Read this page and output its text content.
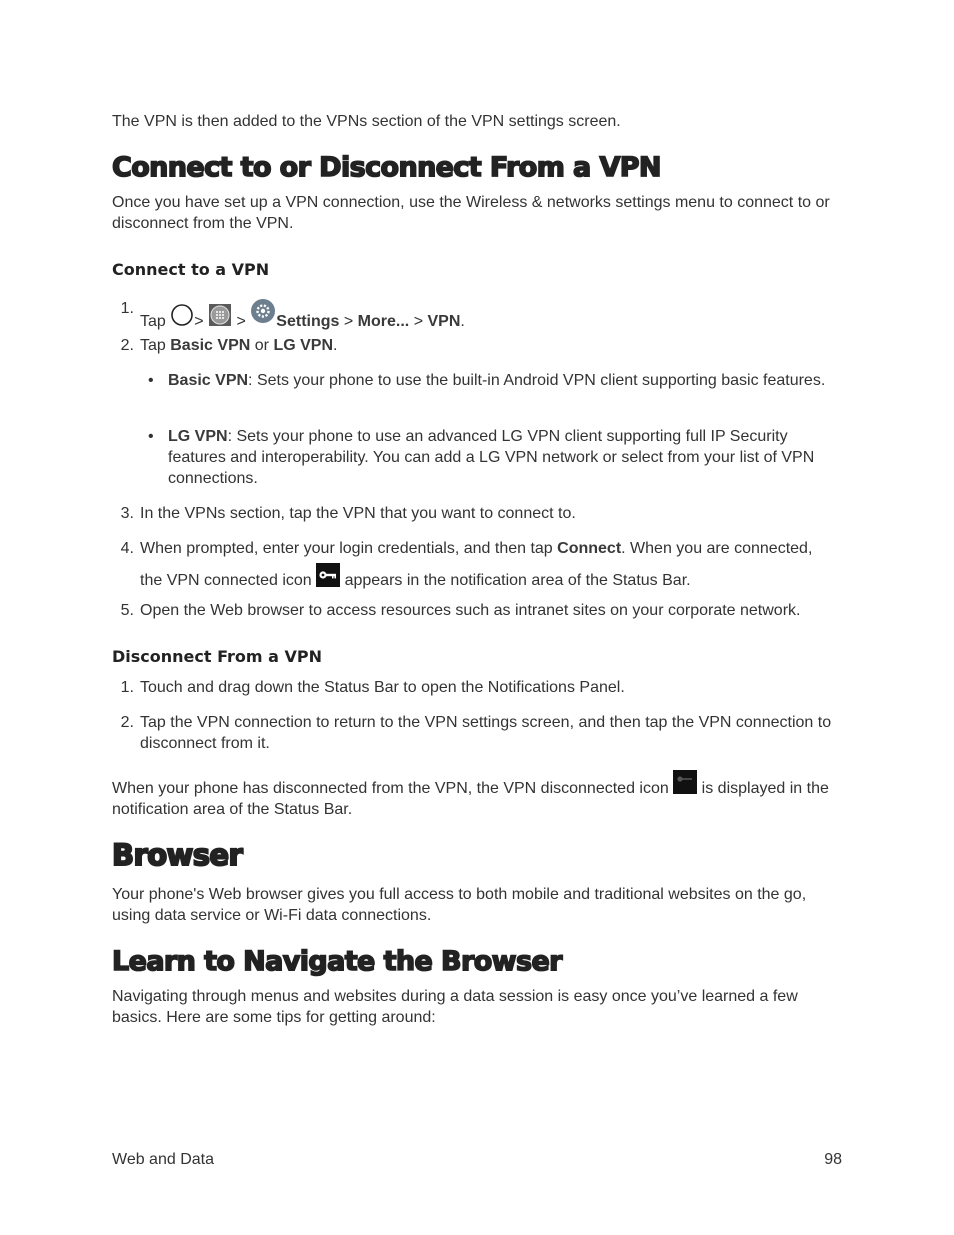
The VPN is then added to the VPNs section of the VPN settings screen.

Connect to or Disconnect From a VPN

Once you have set up a VPN connection, use the Wireless & networks settings menu to connect to or disconnect from the VPN.

Connect to a VPN
1.
Tap > > Settings > More... > VPN.
2. Tap Basic VPN or LG VPN.
• Basic VPN: Sets your phone to use the built-in Android VPN client supporting basic features.
• LG VPN: Sets your phone to use an advanced LG VPN client supporting full IP Security features and interoperability. You can add a LG VPN network or select from your list of VPN connections.
3. In the VPNs section, tap the VPN that you want to connect to.
4. When prompted, enter your login credentials, and then tap Connect. When you are connected, the VPN connected icon appears in the notification area of the Status Bar.
5. Open the Web browser to access resources such as intranet sites on your corporate network.
Disconnect From a VPN
1. Touch and drag down the Status Bar to open the Notifications Panel.
2. Tap the VPN connection to return to the VPN settings screen, and then tap the VPN connection to disconnect from it.

When your phone has disconnected from the VPN, the VPN disconnected icon is displayed in the notification area of the Status Bar.

Browser

Your phone's Web browser gives you full access to both mobile and traditional websites on the go, using data service or Wi-Fi data connections.

Learn to Navigate the Browser

Navigating through menus and websites during a data session is easy once you’ve learned a few basics. Here are some tips for getting around:

Web and Data	98
